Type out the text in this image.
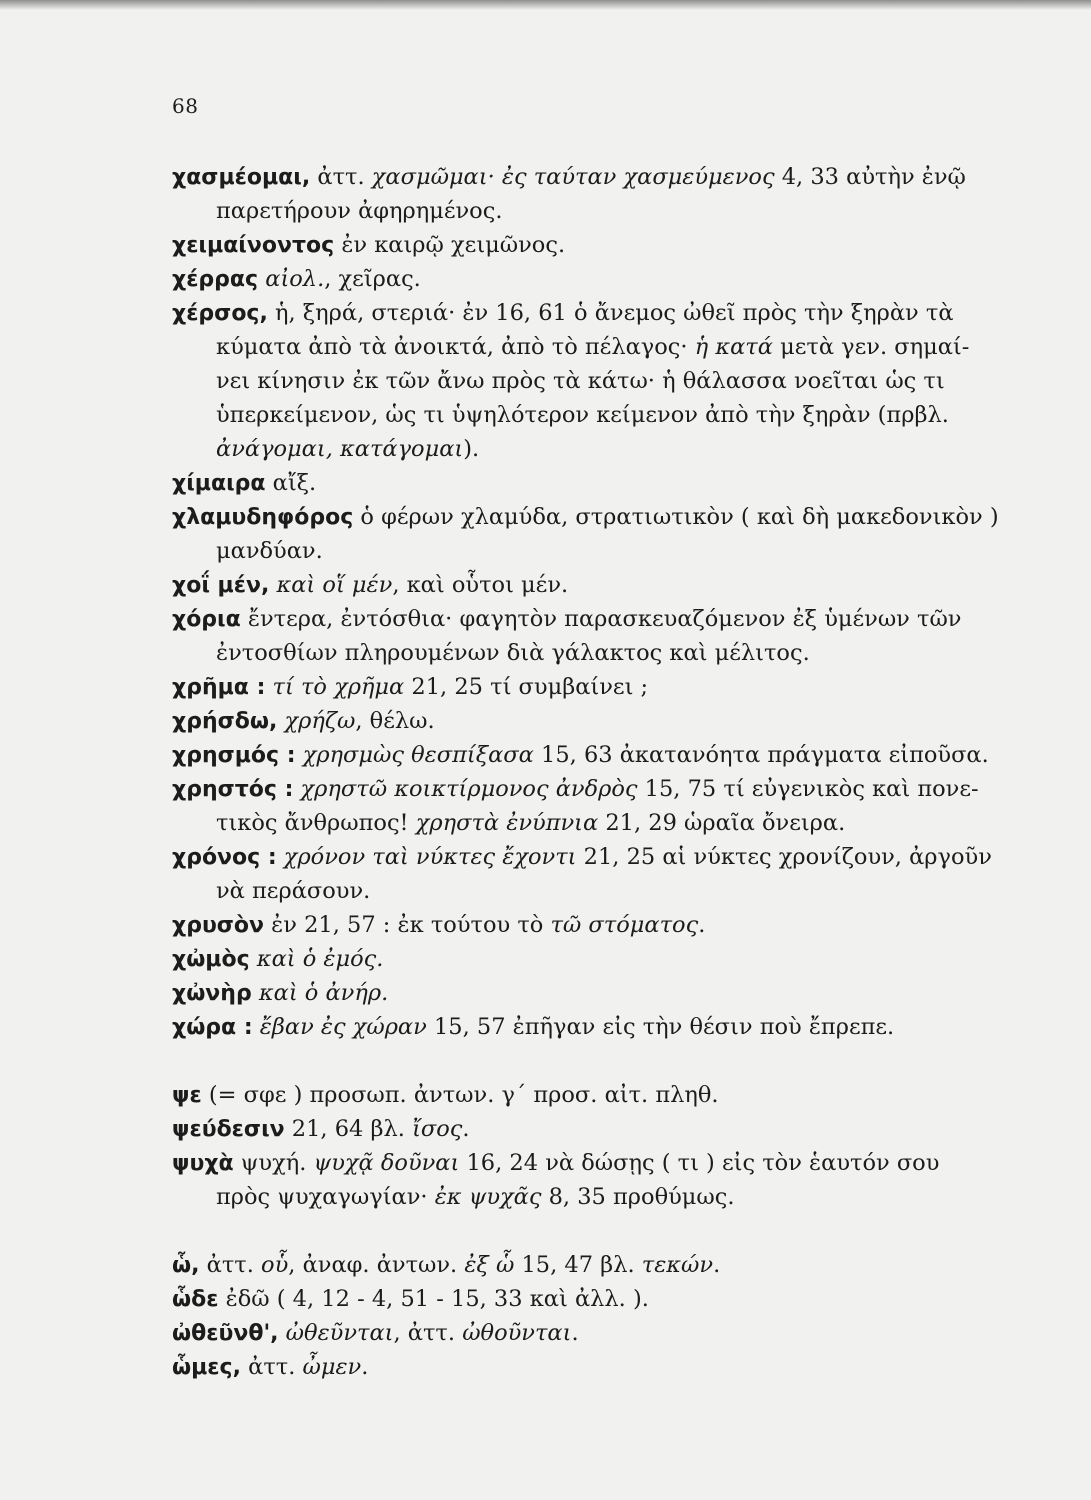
68
χασμέομαι, ἀττ. χασμῶμαι· ἐς ταύταν χασμεύμενος 4, 33 αὐτὴν ἐνῷ
παρετήρουν ἀφηρημένος.
χειμαίνοντος ἐν καιρῷ χειμῶνος.
χέρρας αἰολ., χεῖρας.
χέρσος, ἡ, ξηρά, στεριά· ἐν 16, 61 ὁ ἄνεμος ὠθεῖ πρὸς τὴν ξηρὰν τὰ
κύματα ἀπὸ τὰ ἀνοικτά, ἀπὸ τὸ πέλαγος· ἡ κατά μετὰ γεν. σημαί-
νει κίνησιν ἐκ τῶν ἄνω πρὸς τὰ κάτω· ἡ θάλασσα νοεῖται ὡς τι
ὑπερκείμενον, ὡς τι ὑψηλότερον κείμενον ἀπὸ τὴν ξηρὰν (πρβλ.
ἀνάγομαι, κατάγομαι).
χίμαιρα αἴξ.
χλαμυδηφόρος ὁ φέρων χλαμύδα, στρατιωτικὸν ( καὶ δὴ μακεδονικὸν )
μανδύαν.
χοΐ μέν, καὶ οἵ μέν, καὶ οὗτοι μέν.
χόρια ἔντερα, ἐντόσθια· φαγητὸν παρασκευαζόμενον ἐξ ὑμένων τῶν
ἐντοσθίων πληρουμένων διὰ γάλακτος καὶ μέλιτος.
χρῆμα : τί τὸ χρῆμα 21, 25 τί συμβαίνει ;
χρήσδω, χρήζω, θέλω.
χρησμός : χρησμὼς θεσπίξασα 15, 63 ἀκατανόητα πράγματα εἰποῦσα.
χρηστός : χρηστῶ κοικτίρμονος ἀνδρὸς 15, 75 τί εὐγενικὸς καὶ πονε-
τικὸς ἄνθρωπος! χρηστὰ ἐνύπνια 21, 29 ὡραῖα ὄνειρα.
χρόνος : χρόνον ταὶ νύκτες ἔχοντι 21, 25 αἱ νύκτες χρονίζουν, ἀργοῦν
νὰ περάσουν.
χρυσὸν ἐν 21, 57 : ἐκ τούτου τὸ τῶ στόματος.
χὠμὸς καὶ ὁ ἐμός.
χὠνὴρ καὶ ὁ ἀνήρ.
χώρα : ἔβαν ἐς χώραν 15, 57 ἐπῆγαν εἰς τὴν θέσιν ποὺ ἔπρεπε.
ψε (= σφε ) προσωπ. ἀντων. γ´ προσ. αἰτ. πληθ.
ψεύδεσιν 21, 64 βλ. ἴσος.
ψυχὰ ψυχή. ψυχᾷ δοῦναι 16, 24 νὰ δώσῃς ( τι ) εἰς τὸν ἑαυτόν σου
πρὸς ψυχαγωγίαν· ἐκ ψυχᾶς 8, 35 προθύμως.
ὧ, ἀττ. οὗ, ἀναφ. ἀντων. ἐξ ὧ 15, 47 βλ. τεκών.
ὧδε ἐδῶ ( 4, 12 - 4, 51 - 15, 33 καὶ ἀλλ. ).
ὠθεῦνθ', ὠθεῦνται, ἀττ. ὠθοῦνται.
ὧμες, ἀττ. ὦμεν.
